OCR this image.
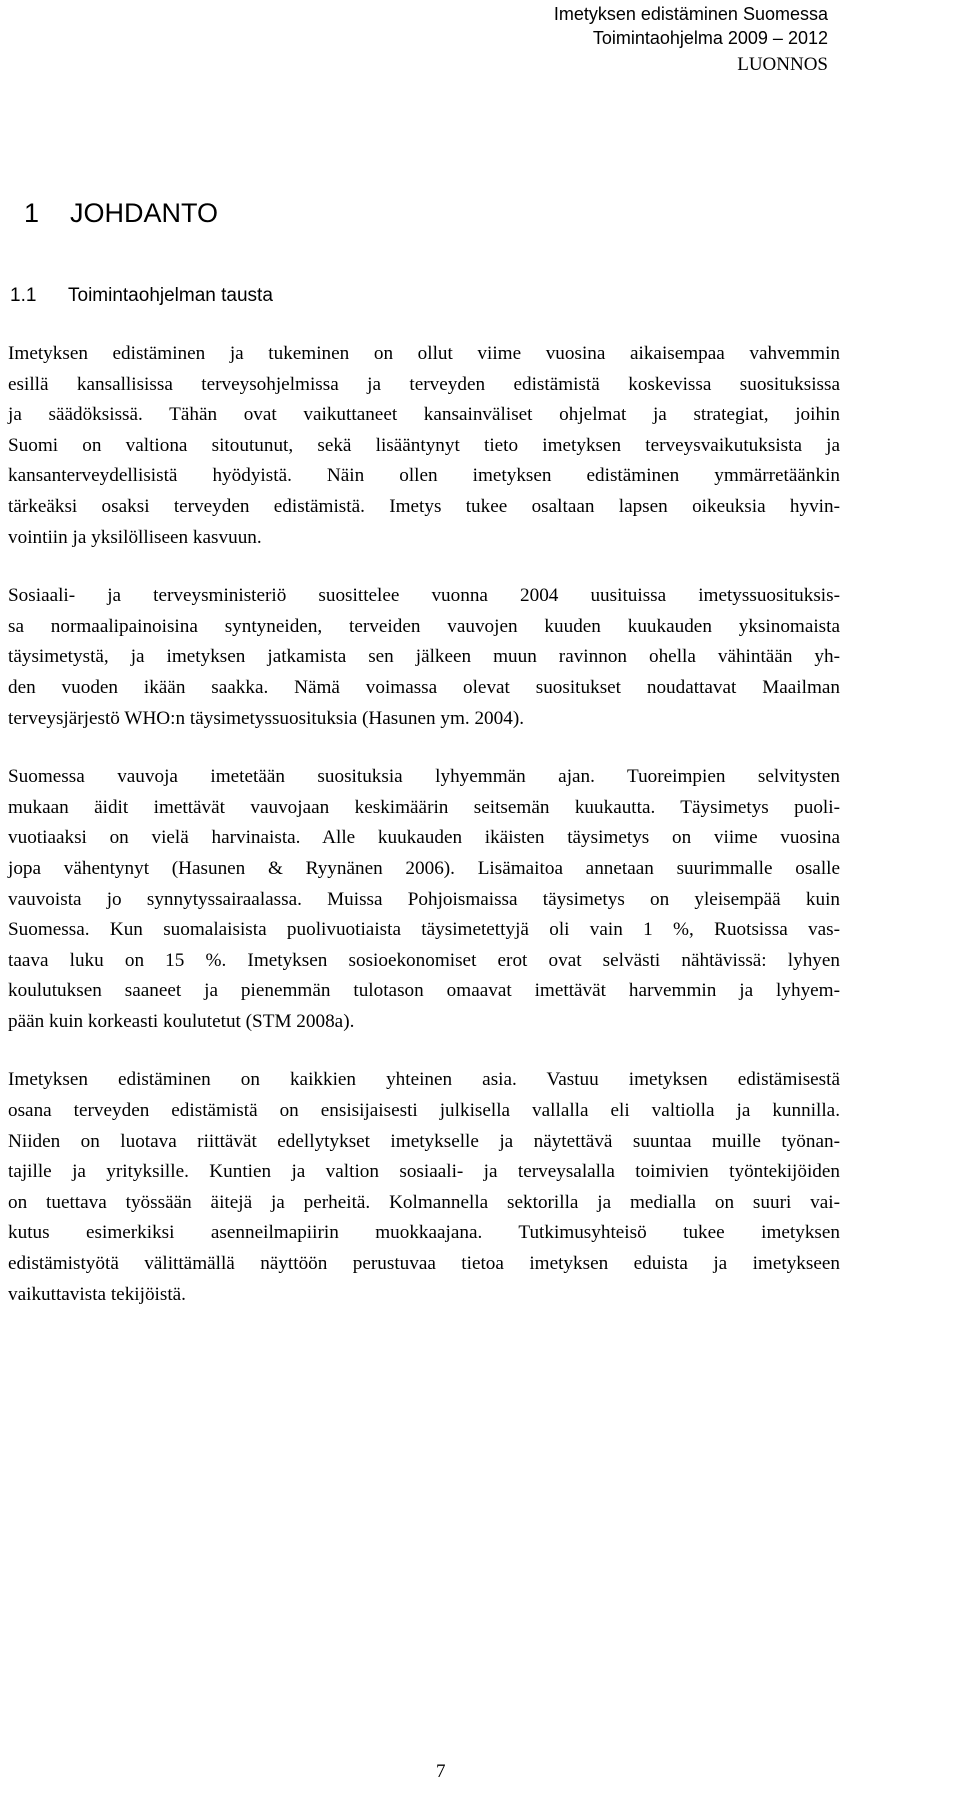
Imetyksen edistäminen Suomessa
Toimintaohjelma 2009 – 2012
LUONNOS
1 JOHDANTO
1.1 Toimintaohjelman tausta
Imetyksen edistäminen ja tukeminen on ollut viime vuosina aikaisempaa vahvemmin
esillä kansallisissa terveysohjelmissa ja terveyden edistämistä koskevissa suosituksissa
ja säädöksissä. Tähän ovat vaikuttaneet kansainväliset ohjelmat ja strategiat, joihin
Suomi on valtiona sitoutunut, sekä lisääntynyt tieto imetyksen terveysvaikutuksista ja
kansanterveydellisistä hyödyistä. Näin ollen imetyksen edistäminen ymmärretäänkin
tärkeäksi osaksi terveyden edistämistä. Imetys tukee osaltaan lapsen oikeuksia hyvin-
vointiin ja yksilölliseen kasvuun.
Sosiaali- ja terveysministeriö suosittelee vuonna 2004 uusituissa imetyssuosituksis-
sa normaalipainoisina syntyneiden, terveiden vauvojen kuuden kuukauden yksinomaista
täysimetystä, ja imetyksen jatkamista sen jälkeen muun ravinnon ohella vähintään yh-
den vuoden ikään saakka. Nämä voimassa olevat suositukset noudattavat Maailman
terveysjärjestö WHO:n täysimetyssuosituksia (Hasunen ym. 2004).
Suomessa vauvoja imetetään suosituksia lyhyemmän ajan. Tuoreimpien selvitysten
mukaan äidit imettävät vauvojaan keskimäärin seitsemän kuukautta. Täysimetys puoli-
vuotiaaksi on vielä harvinaista. Alle kuukauden ikäisten täysimetys on viime vuosina
jopa vähentynyt (Hasunen & Ryynänen 2006). Lisämaitoa annetaan suurimmalle osalle
vauvoista jo synnytyssairaalassa. Muissa Pohjoismaissa täysimetys on yleisempää kuin
Suomessa. Kun suomalaisista puolivuotiaista täysimetettyjä oli vain 1 %, Ruotsissa vas-
taava luku on 15 %. Imetyksen sosioekonomiset erot ovat selvästi nähtävissä: lyhyen
koulutuksen saaneet ja pienemmän tulotason omaavat imettävät harvemmin ja lyhyem-
pään kuin korkeasti koulutetut (STM 2008a).
Imetyksen edistäminen on kaikkien yhteinen asia. Vastuu imetyksen edistämisestä
osana terveyden edistämistä on ensisijaisesti julkisella vallalla eli valtiolla ja kunnilla.
Niiden on luotava riittävät edellytykset imetykselle ja näytettävä suuntaa muille työnan-
tajille ja yrityksille. Kuntien ja valtion sosiaali- ja terveysalalla toimivien työntekijöiden
on tuettava työssään äitejä ja perheitä. Kolmannella sektorilla ja medialla on suuri vai-
kutus esimerkiksi asenneilmapiirin muokkaajana. Tutkimusyhteisö tukee imetyksen
edistämistyötä välittämällä näyttöön perustuvaa tietoa imetyksen eduista ja imetykseen
vaikuttavista tekijöistä.
7
